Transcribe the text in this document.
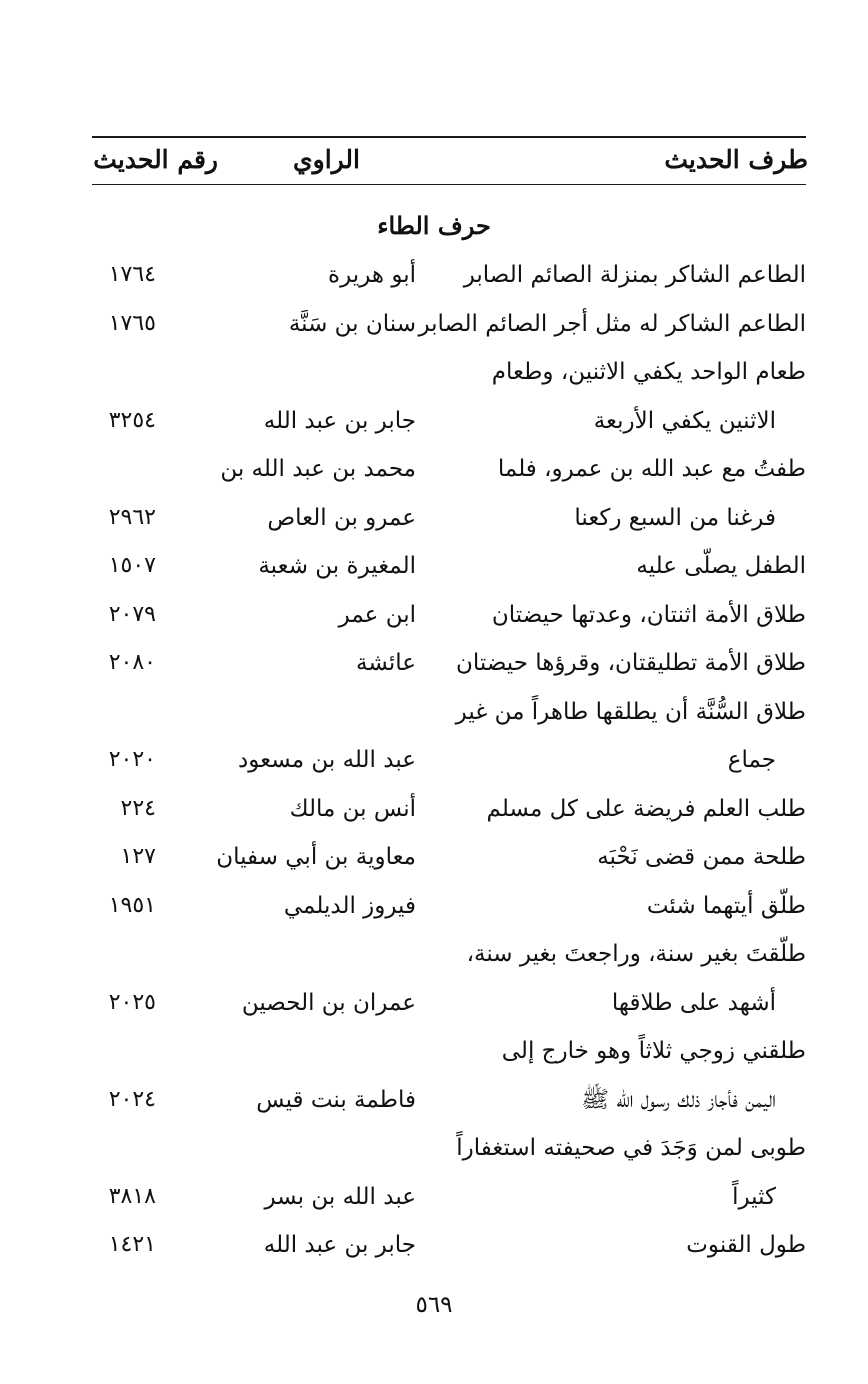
طرف الحديث
الراوي
رقم الحديث
حرف الطاء
الطاعم الشاكر بمنزلة الصائم الصابر
أبو هريرة
١٧٦٤
الطاعم الشاكر له مثل أجر الصائم الصابر
سنان بن سَنَّة
١٧٦٥
طعام الواحد يكفي الاثنين، وطعام
الاثنين يكفي الأربعة
جابر بن عبد الله
٣٢٥٤
طفتُ مع عبد الله بن عمرو، فلما
محمد بن عبد الله بن
فرغنا من السبع ركعنا
عمرو بن العاص
٢٩٦٢
الطفل يصلّى عليه
المغيرة بن شعبة
١٥٠٧
طلاق الأمة اثنتان، وعدتها حيضتان
ابن عمر
٢٠٧٩
طلاق الأمة تطليقتان، وقرؤها حيضتان
عائشة
٢٠٨٠
طلاق السُّنَّة أن يطلقها طاهراً من غير
جماع
عبد الله بن مسعود
٢٠٢٠
طلب العلم فريضة على كل مسلم
أنس بن مالك
٢٢٤
طلحة ممن قضى نَحْبَه
معاوية بن أبي سفيان
١٢٧
طلّق أيتهما شئت
فيروز الديلمي
١٩٥١
طلّقتَ بغير سنة، وراجعتَ بغير سنة،
أشهد على طلاقها
عمران بن الحصين
٢٠٢٥
طلقني زوجي ثلاثاً وهو خارج إلى
اليمن فأجاز ذلك رسول الله ﷺ
فاطمة بنت قيس
٢٠٢٤
طوبى لمن وَجَدَ في صحيفته استغفاراً
كثيراً
عبد الله بن بسر
٣٨١٨
طول القنوت
جابر بن عبد الله
١٤٢١
٥٦٩
